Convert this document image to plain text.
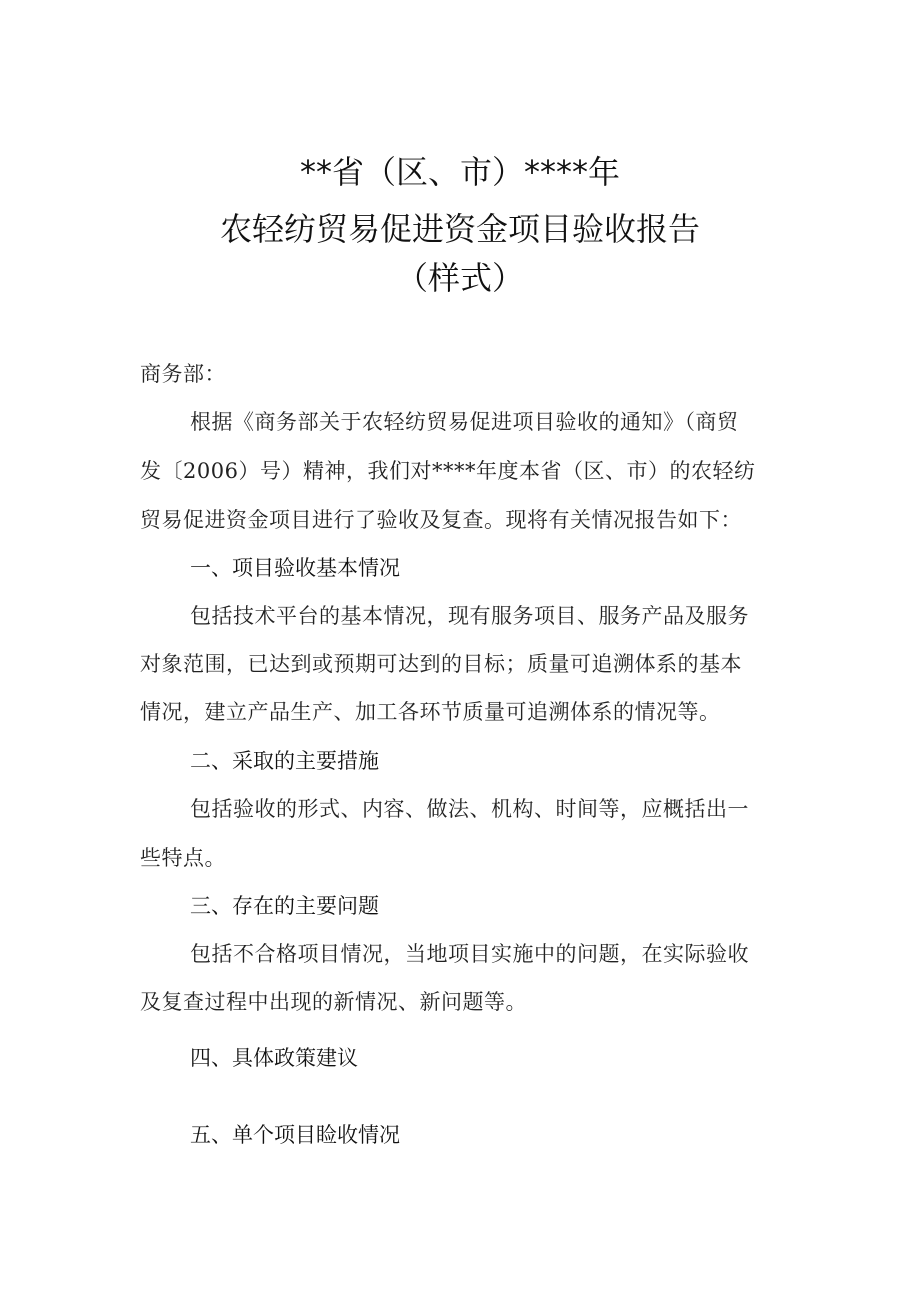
**省（区、市）****年
农轻纺贸易促进资金项目验收报告
（样式）
商务部：
根据《商务部关于农轻纺贸易促进项目验收的通知》（商贸
发〔2006）号）精神，我们对****年度本省（区、市）的农轻纺
贸易促进资金项目进行了验收及复查。现将有关情况报告如下：
一、项目验收基本情况
包括技术平台的基本情况，现有服务项目、服务产品及服务
对象范围，已达到或预期可达到的目标；质量可追溯体系的基本
情况，建立产品生产、加工各环节质量可追溯体系的情况等。
二、采取的主要措施
包括验收的形式、内容、做法、机构、时间等，应概括出一
些特点。
三、存在的主要问题
包括不合格项目情况，当地项目实施中的问题，在实际验收
及复查过程中出现的新情况、新问题等。
四、具体政策建议
五、单个项目睑收情况
